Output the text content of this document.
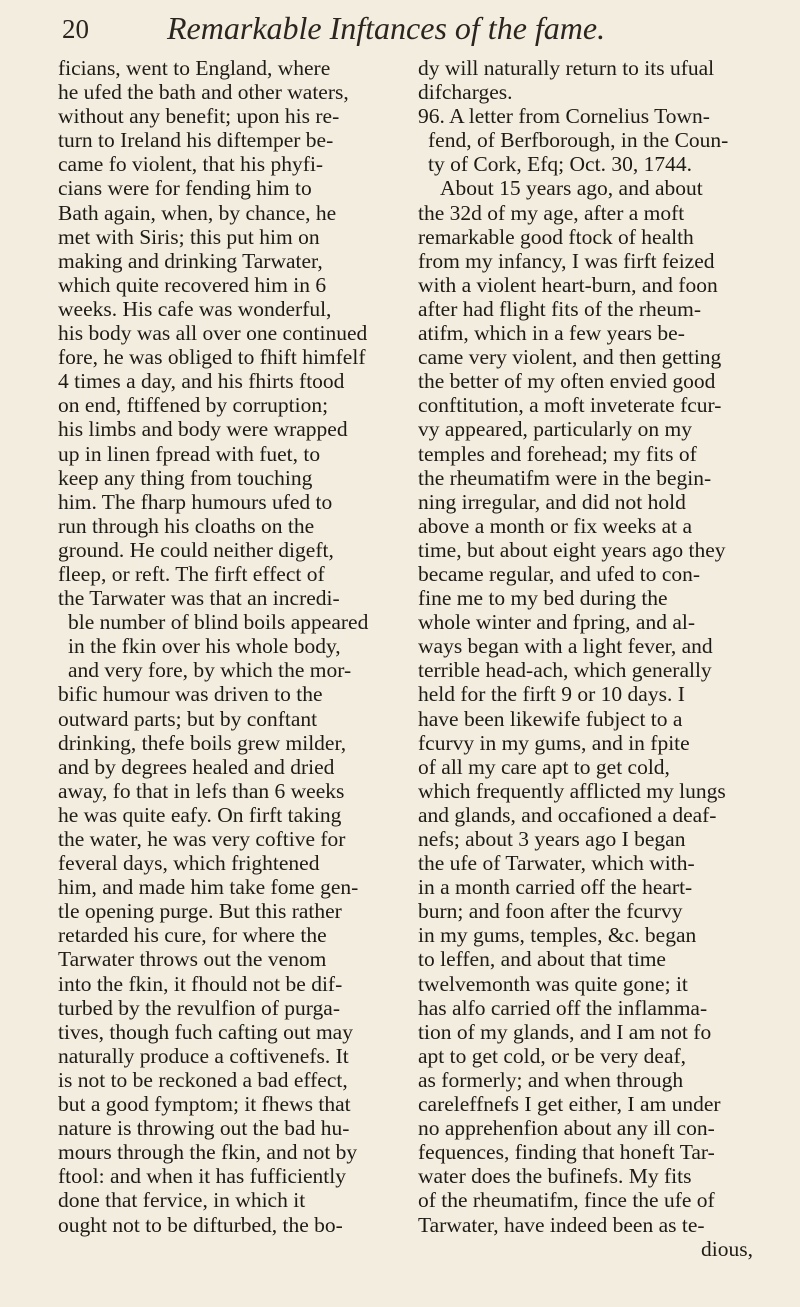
20 Remarkable Inftances of the fame.
ficians, went to England, where
he ufed the bath and other waters,
without any benefit; upon his re-
turn to Ireland his diftemper be-
came fo violent, that his phyfi-
cians were for fending him to
Bath again, when, by chance, he
met with Siris; this put him on
making and drinking Tarwater,
which quite recovered him in 6
weeks. His cafe was wonderful,
his body was all over one continued
fore, he was obliged to fhift himfelf
4 times a day, and his fhirts ftood
on end, ftiffened by corruption;
his limbs and body were wrapped
up in linen fpread with fuet, to
keep any thing from touching
him. The fharp humours ufed to
run through his cloaths on the
ground. He could neither digeft,
fleep, or reft. The firft effect of
the Tarwater was that an incredi-
ble number of blind boils appeared
in the fkin over his whole body,
and very fore, by which the mor-
bific humour was driven to the
outward parts; but by conftant
drinking, thefe boils grew milder,
and by degrees healed and dried
away, fo that in lefs than 6 weeks
he was quite eafy. On firft taking
the water, he was very coftive for
feveral days, which frightened
him, and made him take fome gen-
tle opening purge. But this rather
retarded his cure, for where the
Tarwater throws out the venom
into the fkin, it fhould not be dif-
turbed by the revulfion of purga-
tives, though fuch cafting out may
naturally produce a coftivenefs. It
is not to be reckoned a bad effect,
but a good fymptom; it fhews that
nature is throwing out the bad hu-
mours through the fkin, and not by
ftool: and when it has fufficiently
done that fervice, in which it
ought not to be difturbed, the bo-
dy will naturally return to its ufual
difcharges.
96. A letter from Cornelius Town-
fend, of Berfborough, in the Coun-
ty of Cork, Efq; Oct. 30, 1744.
About 15 years ago, and about
the 32d of my age, after a moft
remarkable good ftock of health
from my infancy, I was firft feized
with a violent heart-burn, and foon
after had flight fits of the rheum-
atifm, which in a few years be-
came very violent, and then getting
the better of my often envied good
conftitution, a moft inveterate fcur-
vy appeared, particularly on my
temples and forehead; my fits of
the rheumatifm were in the begin-
ning irregular, and did not hold
above a month or fix weeks at a
time, but about eight years ago they
became regular, and ufed to con-
fine me to my bed during the
whole winter and fpring, and al-
ways began with a light fever, and
terrible head-ach, which generally
held for the firft 9 or 10 days. I
have been likewife fubject to a
fcurvy in my gums, and in fpite
of all my care apt to get cold,
which frequently afflicted my lungs
and glands, and occafioned a deaf-
nefs; about 3 years ago I began
the ufe of Tarwater, which with-
in a month carried off the heart-
burn; and foon after the fcurvy
in my gums, temples, &c. began
to leffen, and about that time
twelvemonth was quite gone; it
has alfo carried off the inflamma-
tion of my glands, and I am not fo
apt to get cold, or be very deaf,
as formerly; and when through
careleffnefs I get either, I am under
no apprehenfion about any ill con-
fequences, finding that honeft Tar-
water does the bufinefs. My fits
of the rheumatifm, fince the ufe of
Tarwater, have indeed been as te-
dious,
